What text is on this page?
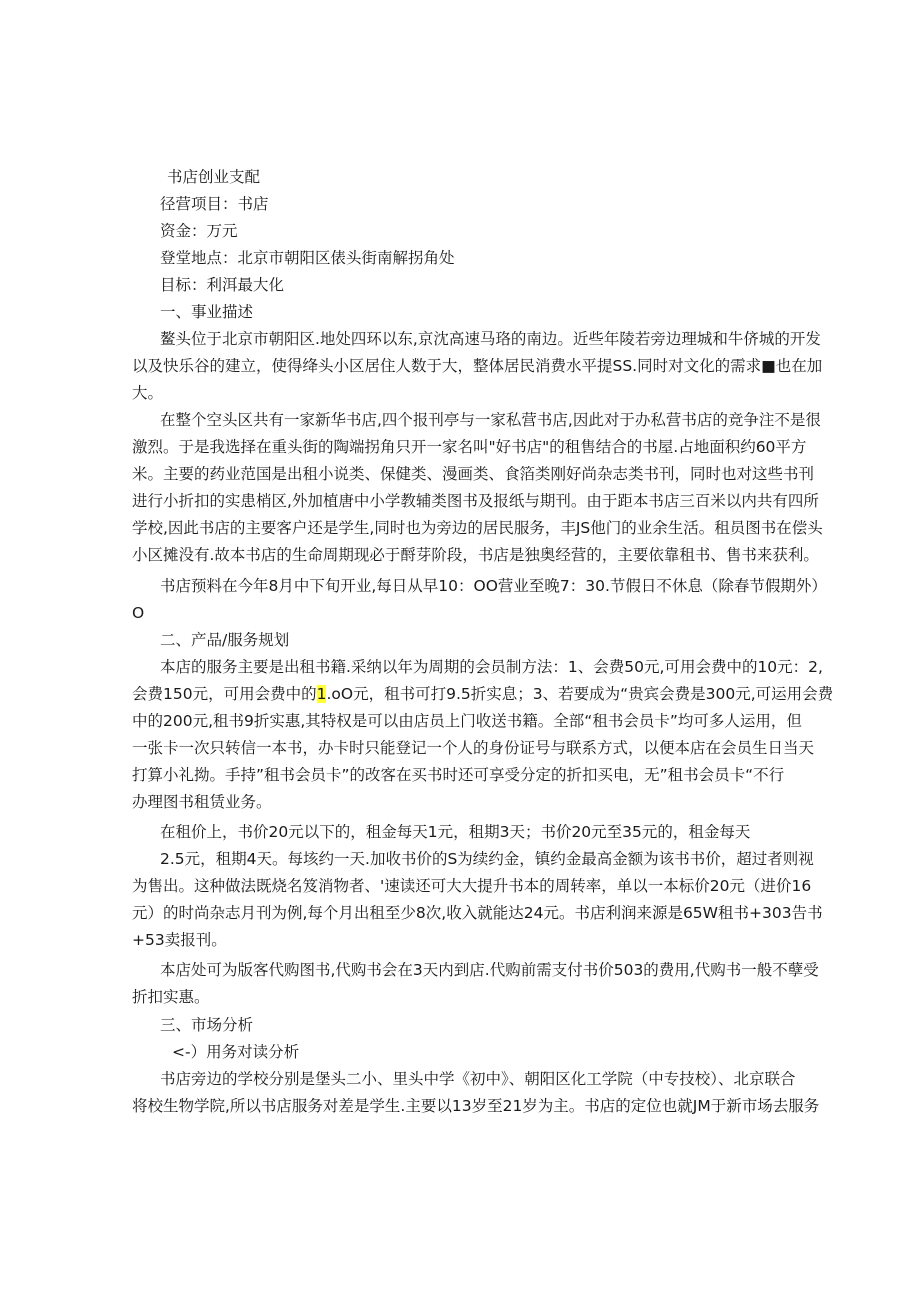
书店创业支配
径营项目：书店
资金：万元
登堂地点：北京市朝阳区俵头街南解拐角处
目标：利洱最大化
一、事业描述
鳌头位于北京市朝阳区.地处四环以东,京沈高速马珞的南边。近些年陵若旁边理城和牛侪城的开发
以及快乐谷的建立，使得绛头小区居住人数于大，整体居民消费水平提SS.同时对文化的需求■也在加
大。
在整个空头区共有一家新华书店,四个报刊亭与一家私营书店,因此对于办私营书店的竞争注不是很
激烈。于是我选择在重头街的陶端拐角只开一家名叫"好书店"的租售结合的书屋.占地面积约60平方
米。主要的药业范国是出租小说类、保健类、漫画类、食箔类刚好尚杂志类书刊，同时也对这些书刊
进行小折扣的实患梢区,外加植唐中小学教辅类图书及报纸与期刊。由于距本书店三百米以内共有四所
学校,因此书店的主要客户还是学生,同时也为旁边的居民服务，丰JS他门的业余生活。租员图书在偿头
小区摊没有.故本书店的生命周期现必于酹芽阶段，书店是独奥经营的，主要依靠租书、售书来获利。
书店预料在今年8月中下旬开业,每日从早10：OO营业至晚7：30.节假日不休息（除春节假期外）
O
二、产品/服务规划
本店的服务主要是出租书籍.采纳以年为周期的会员制方法：1、会费50元,可用会费中的10元：2,
会费150元，可用会费中的1.oO元，租书可打9.5折实息；3、若要成为“贵宾会费是300元,可运用会费
中的200元,租书9折实惠,其特权是可以由店员上门收送书籍。全部“租书会员卡”均可多人运用，但
一张卡一次只转信一本书，办卡时只能登记一个人的身份证号与联系方式，以便本店在会员生日当天
打算小礼拗。手持”租书会员卡”的改客在买书时还可享受分定的折扣买电，无”租书会员卡“不行
办理图书租赁业务。
在租价上，书价20元以下的，租金每天1元，租期3天；书价20元至35元的，租金每天
2.5元，租期4天。每垓约一天.加收书价的S为续约金，镇约金最高金额为该书书价，超过者则视
为售出。这种做法既烧名笈消物者、'速读还可大大提升书本的周转率，单以一本标价20元（进价16
元）的时尚杂志月刊为例,每个月出租至少8次,收入就能达24元。书店利润来源是65W租书+303告书
+53卖报刊。
本店处可为版客代购图书,代购书会在3天内到店.代购前需支付书价503的费用,代购书一般不孽受
折扣实惠。
三、市场分析
<-）用务对读分析
书店旁边的学校分别是堡头二小、里头中学《初中》、朝阳区化工学院（中专技校）、北京联合
将校生物学院,所以书店服务对差是学生.主要以13岁至21岁为主。书店的定位也就JM于新市场去服务
